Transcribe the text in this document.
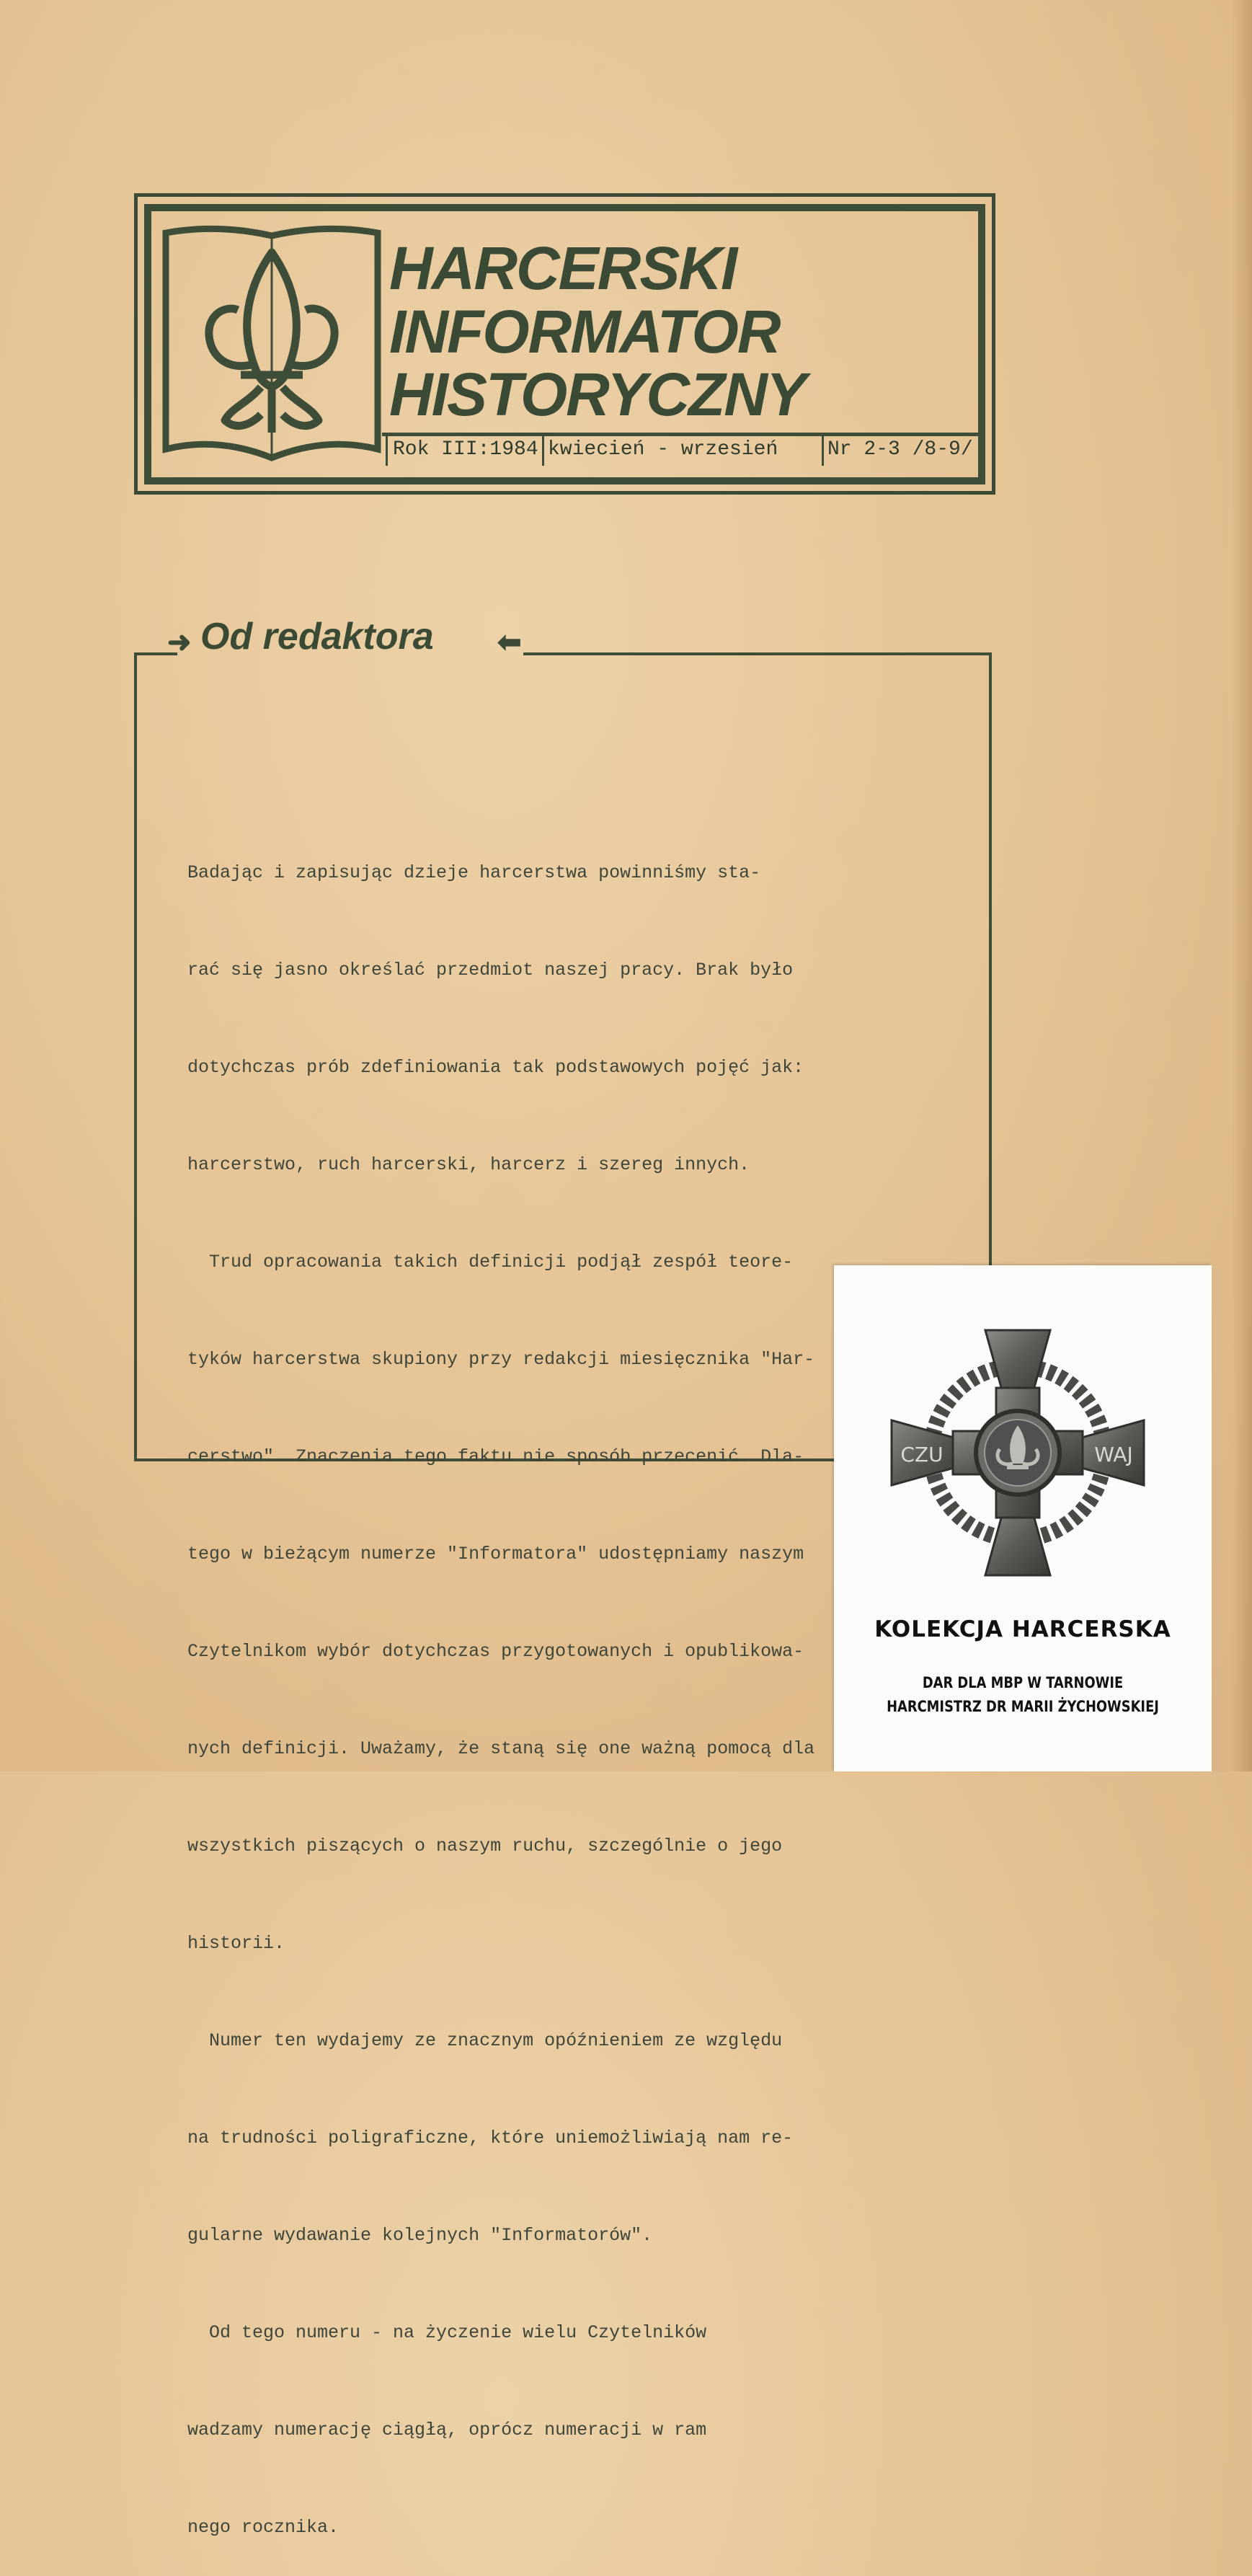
HARCERSKI
INFORMATOR
HISTORYCZNY
Rok III:1984 kwiecień - wrzesień Nr 2-3 /8-9/
➜ Od redaktora ⬅

Badając i zapisując dzieje harcerstwa powinniśmy sta-

rać się jasno określać przedmiot naszej pracy. Brak było

dotychczas prób zdefiniowania tak podstawowych pojęć jak:

harcerstwo, ruch harcerski, harcerz i szereg innych.

Trud opracowania takich definicji podjął zespół teore-

tyków harcerstwa skupiony przy redakcji miesięcznika "Har-

cerstwo". Znaczenia tego faktu nie sposób przecenić. Dla-

tego w bieżącym numerze "Informatora" udostępniamy naszym

Czytelnikom wybór dotychczas przygotowanych i opublikowa-

nych definicji. Uważamy, że staną się one ważną pomocą dla

wszystkich piszących o naszym ruchu, szczególnie o jego

historii.

Numer ten wydajemy ze znacznym opóźnieniem ze względu

na trudności poligraficzne, które uniemożliwiają nam re-

gularne wydawanie kolejnych "Informatorów".

Od tego numeru - na życzenie wielu Czytelników

wadzamy numerację ciągłą, oprócz numeracji w ram

nego rocznika.

CZU	WAJ
KOLEKCJA HARCERSKA
DAR DLA MBP W TARNOWIE
HARCMISTRZ DR MARII ŻYCHOWSKIEJ
